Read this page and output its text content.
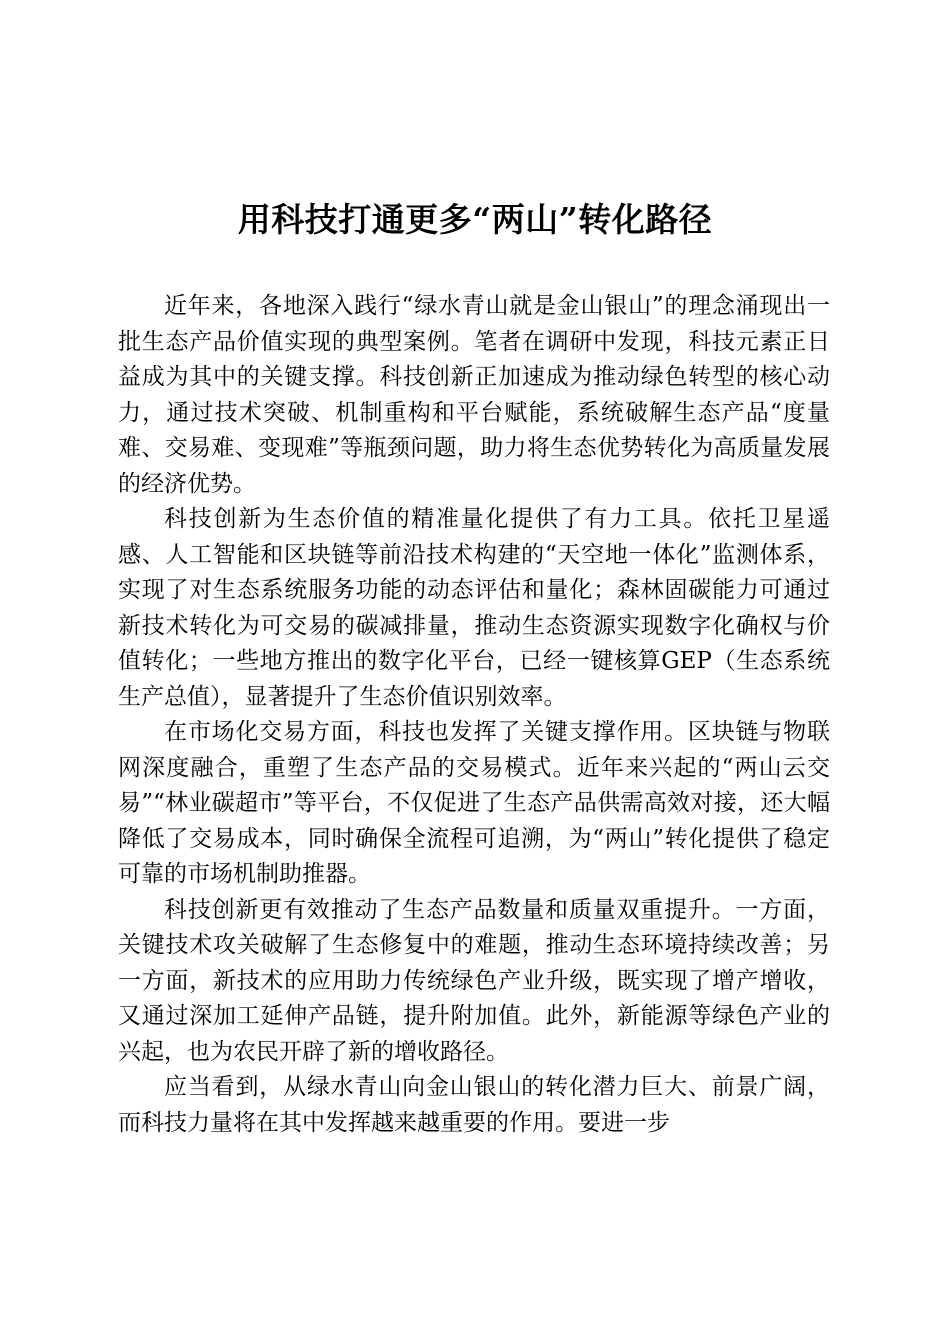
用科技打通更多“两山”转化路径

近年来，各地深入践行“绿水青山就是金山银山”的理念涌现出一批生态产品价值实现的典型案例。笔者在调研中发现，科技元素正日益成为其中的关键支撑。科技创新正加速成为推动绿色转型的核心动力，通过技术突破、机制重构和平台赋能，系统破解生态产品“度量难、交易难、变现难”等瓶颈问题，助力将生态优势转化为高质量发展的经济优势。

科技创新为生态价值的精准量化提供了有力工具。依托卫星遥感、人工智能和区块链等前沿技术构建的“天空地一体化”监测体系，实现了对生态系统服务功能的动态评估和量化；森林固碳能力可通过新技术转化为可交易的碳减排量，推动生态资源实现数字化确权与价值转化；一些地方推出的数字化平台，已经一键核算GEP（生态系统生产总值），显著提升了生态价值识别效率。

在市场化交易方面，科技也发挥了关键支撑作用。区块链与物联网深度融合，重塑了生态产品的交易模式。近年来兴起的“两山云交易”“林业碳超市”等平台，不仅促进了生态产品供需高效对接，还大幅降低了交易成本，同时确保全流程可追溯，为“两山”转化提供了稳定可靠的市场机制助推器。

科技创新更有效推动了生态产品数量和质量双重提升。一方面，关键技术攻关破解了生态修复中的难题，推动生态环境持续改善；另一方面，新技术的应用助力传统绿色产业升级，既实现了增产增收，又通过深加工延伸产品链，提升附加值。此外，新能源等绿色产业的兴起，也为农民开辟了新的增收路径。

应当看到，从绿水青山向金山银山的转化潜力巨大、前景广阔，而科技力量将在其中发挥越来越重要的作用。要进一步
